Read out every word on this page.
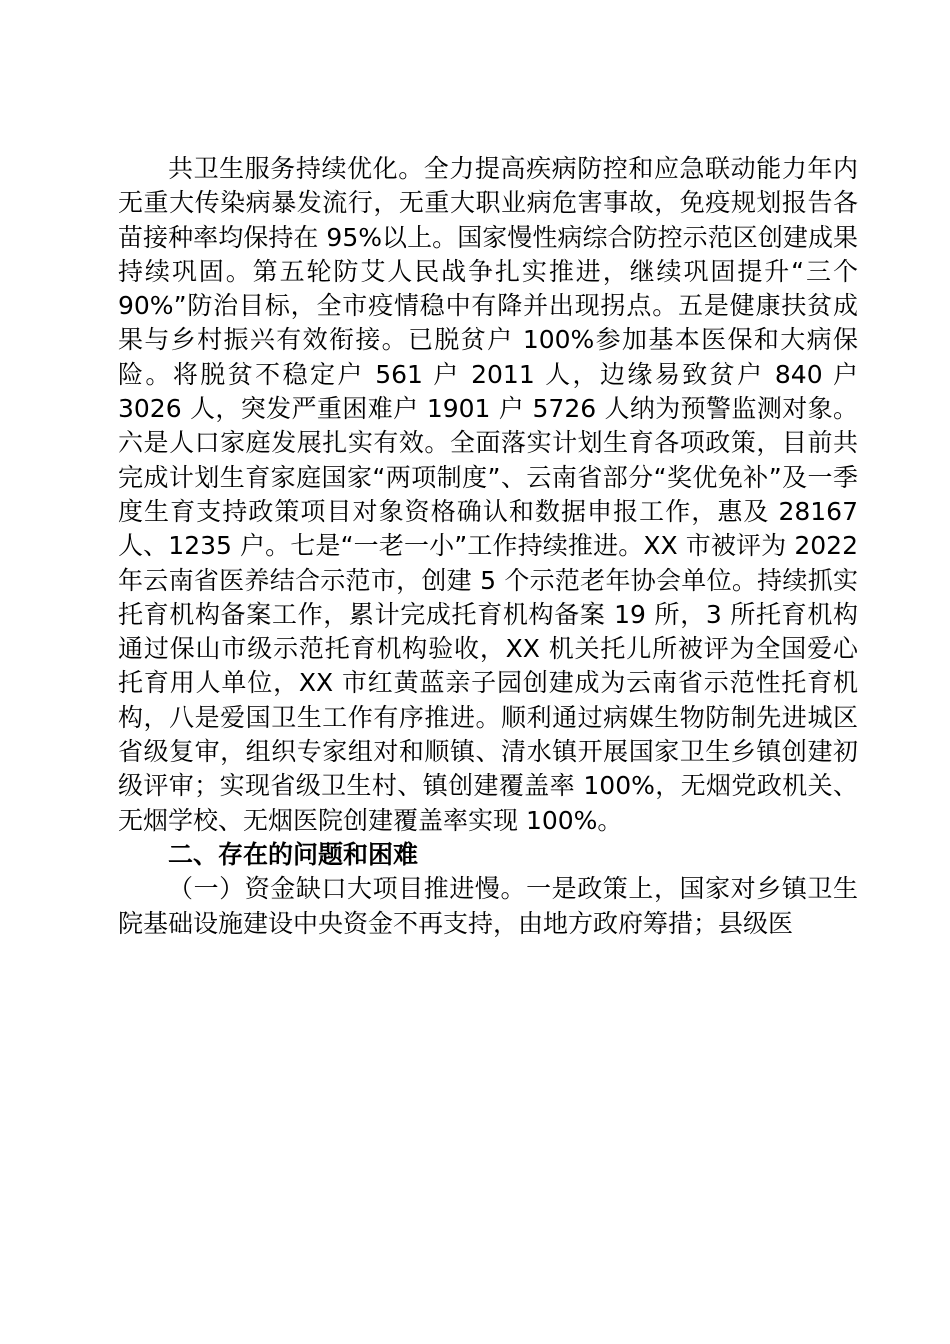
共卫生服务持续优化。全力提高疾病防控和应急联动能力年内无重大传染病暴发流行，无重大职业病危害事故，免疫规划报告各苗接种率均保持在 95%以上。国家慢性病综合防控示范区创建成果持续巩固。第五轮防艾人民战争扎实推进，继续巩固提升“三个 90%”防治目标，全市疫情稳中有降并出现拐点。五是健康扶贫成果与乡村振兴有效衔接。已脱贫户 100%参加基本医保和大病保险。将脱贫不稳定户 561 户 2011 人，边缘易致贫户 840 户 3026 人，突发严重困难户 1901 户 5726 人纳为预警监测对象。六是人口家庭发展扎实有效。全面落实计划生育各项政策，目前共完成计划生育家庭国家“两项制度”、云南省部分“奖优免补”及一季度生育支持政策项目对象资格确认和数据申报工作，惠及 28167 人、1235 户。七是“一老一小”工作持续推进。XX 市被评为 2022 年云南省医养结合示范市，创建 5 个示范老年协会单位。持续抓实托育机构备案工作，累计完成托育机构备案 19 所，3 所托育机构通过保山市级示范托育机构验收，XX 机关托儿所被评为全国爱心托育用人单位，XX 市红黄蓝亲子园创建成为云南省示范性托育机构，八是爱国卫生工作有序推进。顺利通过病媒生物防制先进城区省级复审，组织专家组对和顺镇、清水镇开展国家卫生乡镇创建初级评审；实现省级卫生村、镇创建覆盖率 100%，无烟党政机关、无烟学校、无烟医院创建覆盖率实现 100%。

二、存在的问题和困难

（一）资金缺口大项目推进慢。一是政策上，国家对乡镇卫生院基础设施建设中央资金不再支持，由地方政府筹措；县级医
